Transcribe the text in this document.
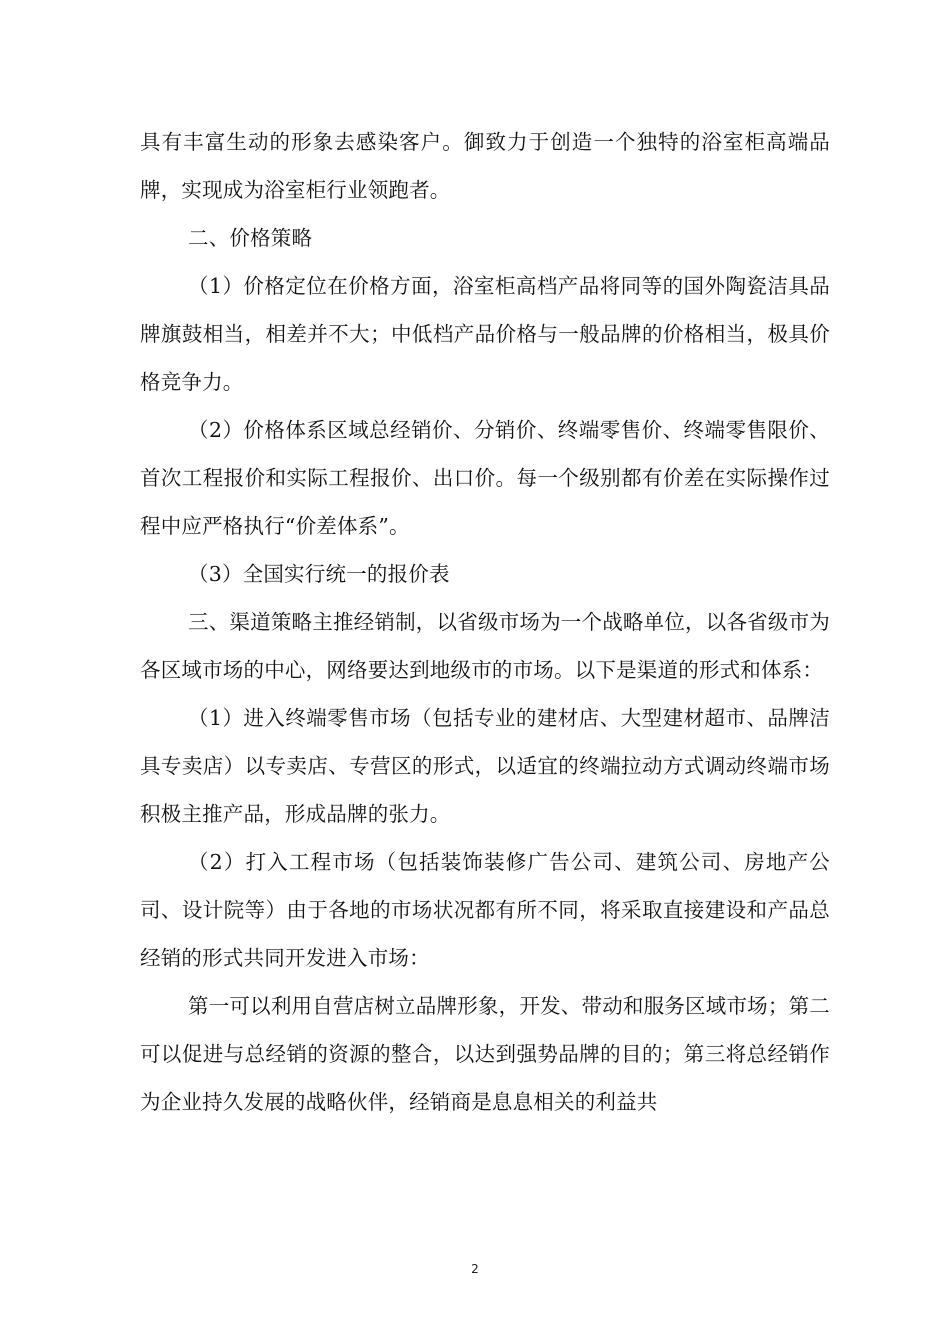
具有丰富生动的形象去感染客户。御致力于创造一个独特的浴室柜高端品牌，实现成为浴室柜行业领跑者。

二、价格策略

（1）价格定位在价格方面，浴室柜高档产品将同等的国外陶瓷洁具品牌旗鼓相当，相差并不大；中低档产品价格与一般品牌的价格相当，极具价格竞争力。

（2）价格体系区域总经销价、分销价、终端零售价、终端零售限价、首次工程报价和实际工程报价、出口价。每一个级别都有价差在实际操作过程中应严格执行“价差体系”。

（3）全国实行统一的报价表

三、渠道策略主推经销制，以省级市场为一个战略单位，以各省级市为各区域市场的中心，网络要达到地级市的市场。以下是渠道的形式和体系：

（1）进入终端零售市场（包括专业的建材店、大型建材超市、品牌洁具专卖店）以专卖店、专营区的形式，以适宜的终端拉动方式调动终端市场积极主推产品，形成品牌的张力。

（2）打入工程市场（包括装饰装修广告公司、建筑公司、房地产公司、设计院等）由于各地的市场状况都有所不同，将采取直接建设和产品总经销的形式共同开发进入市场：

第一可以利用自营店树立品牌形象，开发、带动和服务区域市场；第二可以促进与总经销的资源的整合，以达到强势品牌的目的；第三将总经销作为企业持久发展的战略伙伴，经销商是息息相关的利益共

2
